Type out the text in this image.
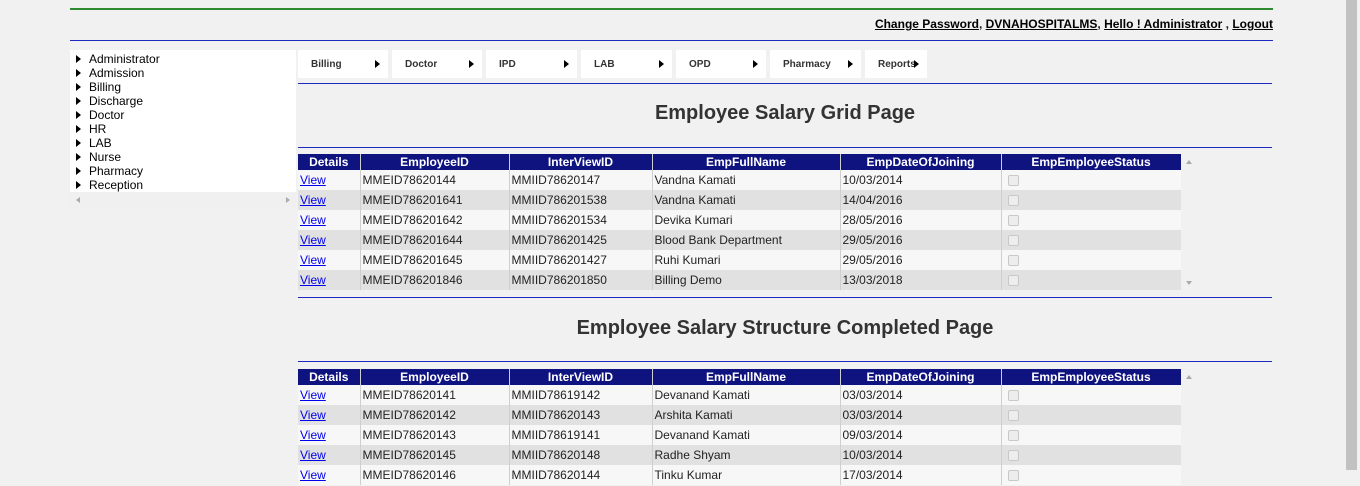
Change Password, DVNAHOSPITALMS, Hello ! Administrator , Logout
Administrator
Admission
Billing
Discharge
Doctor
HR
LAB
Nurse
Pharmacy
Reception
Billing	Doctor	IPD	LAB	OPD	Pharmacy	Reports
Employee Salary Grid Page
Details	EmployeeID	InterViewID	EmpFullName	EmpDateOfJoining	EmpEmployeeStatus
View	MMEID78620144	MMIID78620147	Vandna Kamati	10/03/2014	
View	MMEID786201641	MMIID786201538	Vandna Kamati	14/04/2016	
View	MMEID786201642	MMIID786201534	Devika Kumari	28/05/2016	
View	MMEID786201644	MMIID786201425	Blood Bank Department	29/05/2016	
View	MMEID786201645	MMIID786201427	Ruhi Kumari	29/05/2016	
View	MMEID786201846	MMIID786201850	Billing Demo	13/03/2018	
Employee Salary Structure Completed Page
Details	EmployeeID	InterViewID	EmpFullName	EmpDateOfJoining	EmpEmployeeStatus
View	MMEID78620141	MMIID78619142	Devanand Kamati	03/03/2014	
View	MMEID78620142	MMIID78620143	Arshita Kamati	03/03/2014	
View	MMEID78620143	MMIID78619141	Devanand Kamati	09/03/2014	
View	MMEID78620145	MMIID78620148	Radhe Shyam	10/03/2014	
View	MMEID78620146	MMIID78620144	Tinku Kumar	17/03/2014	
